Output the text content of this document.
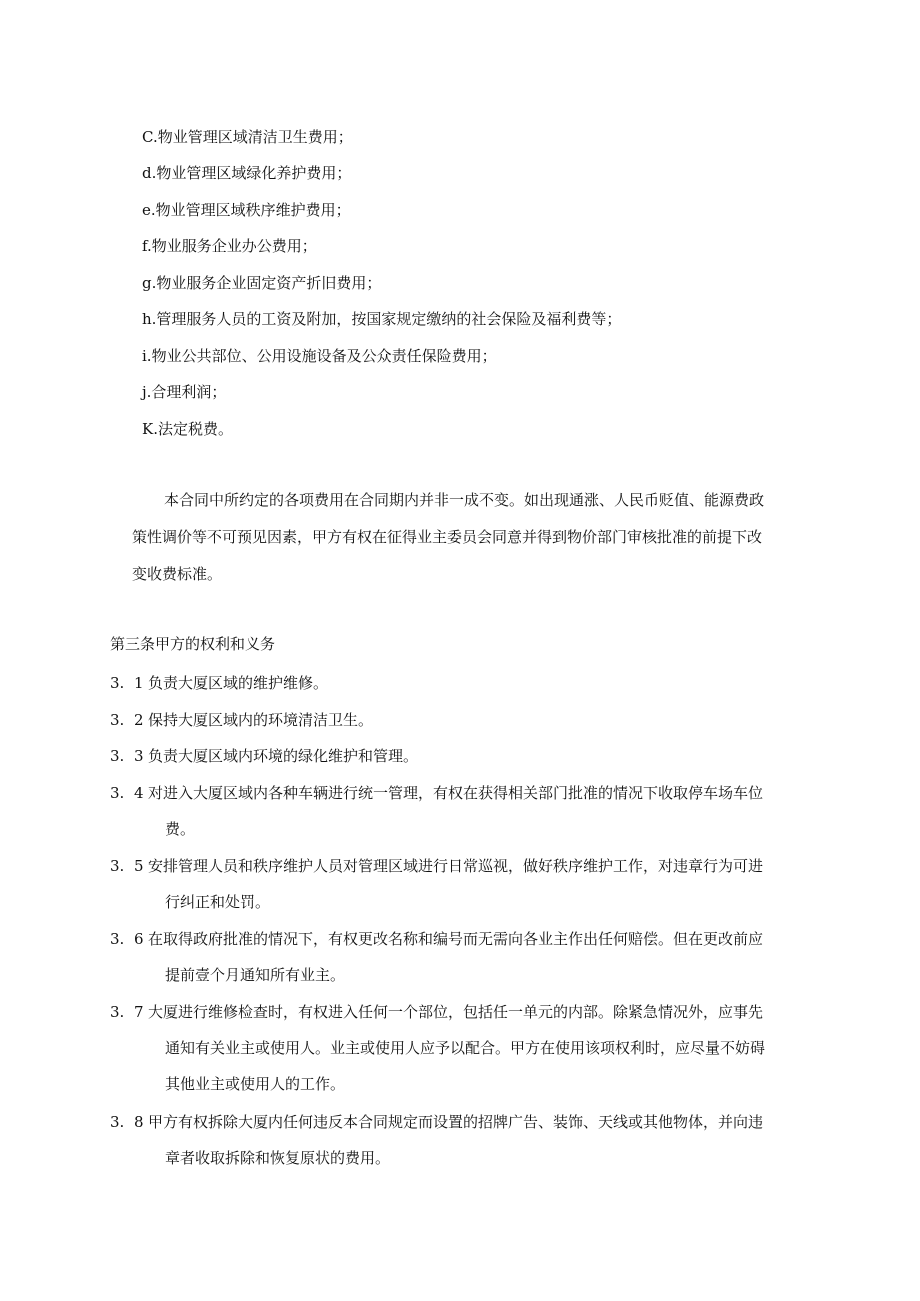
C.物业管理区域清洁卫生费用；
d.物业管理区域绿化养护费用；
e.物业管理区域秩序维护费用；
f.物业服务企业办公费用；
g.物业服务企业固定资产折旧费用；
h.管理服务人员的工资及附加，按国家规定缴纳的社会保险及福利费等；
i.物业公共部位、公用设施设备及公众责任保险费用；
j.合理利润；
K.法定税费。
本合同中所约定的各项费用在合同期内并非一成不变。如出现通涨、人民币贬值、能源费政
策性调价等不可预见因素，甲方有权在征得业主委员会同意并得到物价部门审核批准的前提下改
变收费标准。
第三条甲方的权利和义务
3. 1 负责大厦区域的维护维修。
3. 2 保持大厦区域内的环境清洁卫生。
3. 3 负责大厦区域内环境的绿化维护和管理。
3. 4 对进入大厦区域内各种车辆进行统一管理，有权在获得相关部门批准的情况下收取停车场车位
费。
3. 5 安排管理人员和秩序维护人员对管理区域进行日常巡视，做好秩序维护工作，对违章行为可进
行纠正和处罚。
3. 6 在取得政府批准的情况下，有权更改名称和编号而无需向各业主作出任何赔偿。但在更改前应
提前壹个月通知所有业主。
3. 7 大厦进行维修检查时，有权进入任何一个部位，包括任一单元的内部。除紧急情况外，应事先
通知有关业主或使用人。业主或使用人应予以配合。甲方在使用该项权利时，应尽量不妨碍
其他业主或使用人的工作。
3. 8 甲方有权拆除大厦内任何违反本合同规定而设置的招牌广告、装饰、天线或其他物体，并向违
章者收取拆除和恢复原状的费用。
